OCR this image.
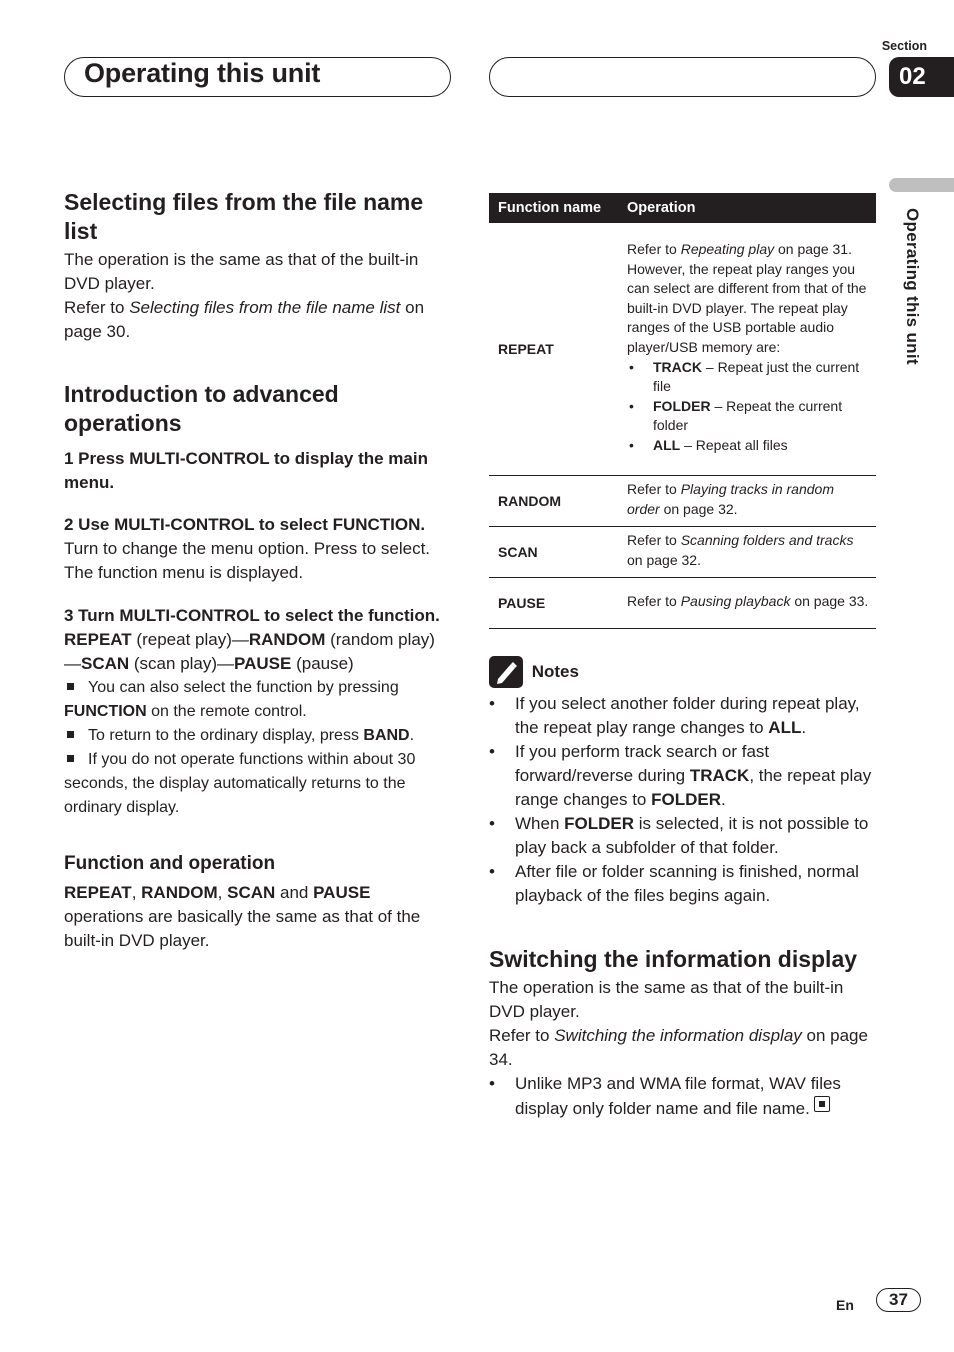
Operating this unit
Section
02
Operating this unit
Selecting files from the file name list
The operation is the same as that of the built-in DVD player.
Refer to Selecting files from the file name list on page 30.
Introduction to advanced operations
1 Press MULTI-CONTROL to display the main menu.
2 Use MULTI-CONTROL to select FUNCTION.
Turn to change the menu option. Press to select.
The function menu is displayed.
3 Turn MULTI-CONTROL to select the function.
REPEAT (repeat play)—RANDOM (random play)—SCAN (scan play)—PAUSE (pause)
You can also select the function by pressing FUNCTION on the remote control.
To return to the ordinary display, press BAND.
If you do not operate functions within about 30 seconds, the display automatically returns to the ordinary display.
Function and operation
REPEAT, RANDOM, SCAN and PAUSE operations are basically the same as that of the built-in DVD player.
Function name	Operation
REPEAT	Refer to Repeating play on page 31. However, the repeat play ranges you can select are different from that of the built-in DVD player. The repeat play ranges of the USB portable audio player/USB memory are:
• TRACK – Repeat just the current file
• FOLDER – Repeat the current folder
• ALL – Repeat all files

RANDOM	Refer to Playing tracks in random order on page 32.
SCAN	Refer to Scanning folders and tracks on page 32.
PAUSE	Refer to Pausing playback on page 33.
Notes
• If you select another folder during repeat play, the repeat play range changes to ALL.
• If you perform track search or fast forward/reverse during TRACK, the repeat play range changes to FOLDER.
• When FOLDER is selected, it is not possible to play back a subfolder of that folder.
• After file or folder scanning is finished, normal playback of the files begins again.
Switching the information display
The operation is the same as that of the built-in DVD player.
Refer to Switching the information display on page 34.
• Unlike MP3 and WMA file format, WAV files display only folder name and file name.
En	37
